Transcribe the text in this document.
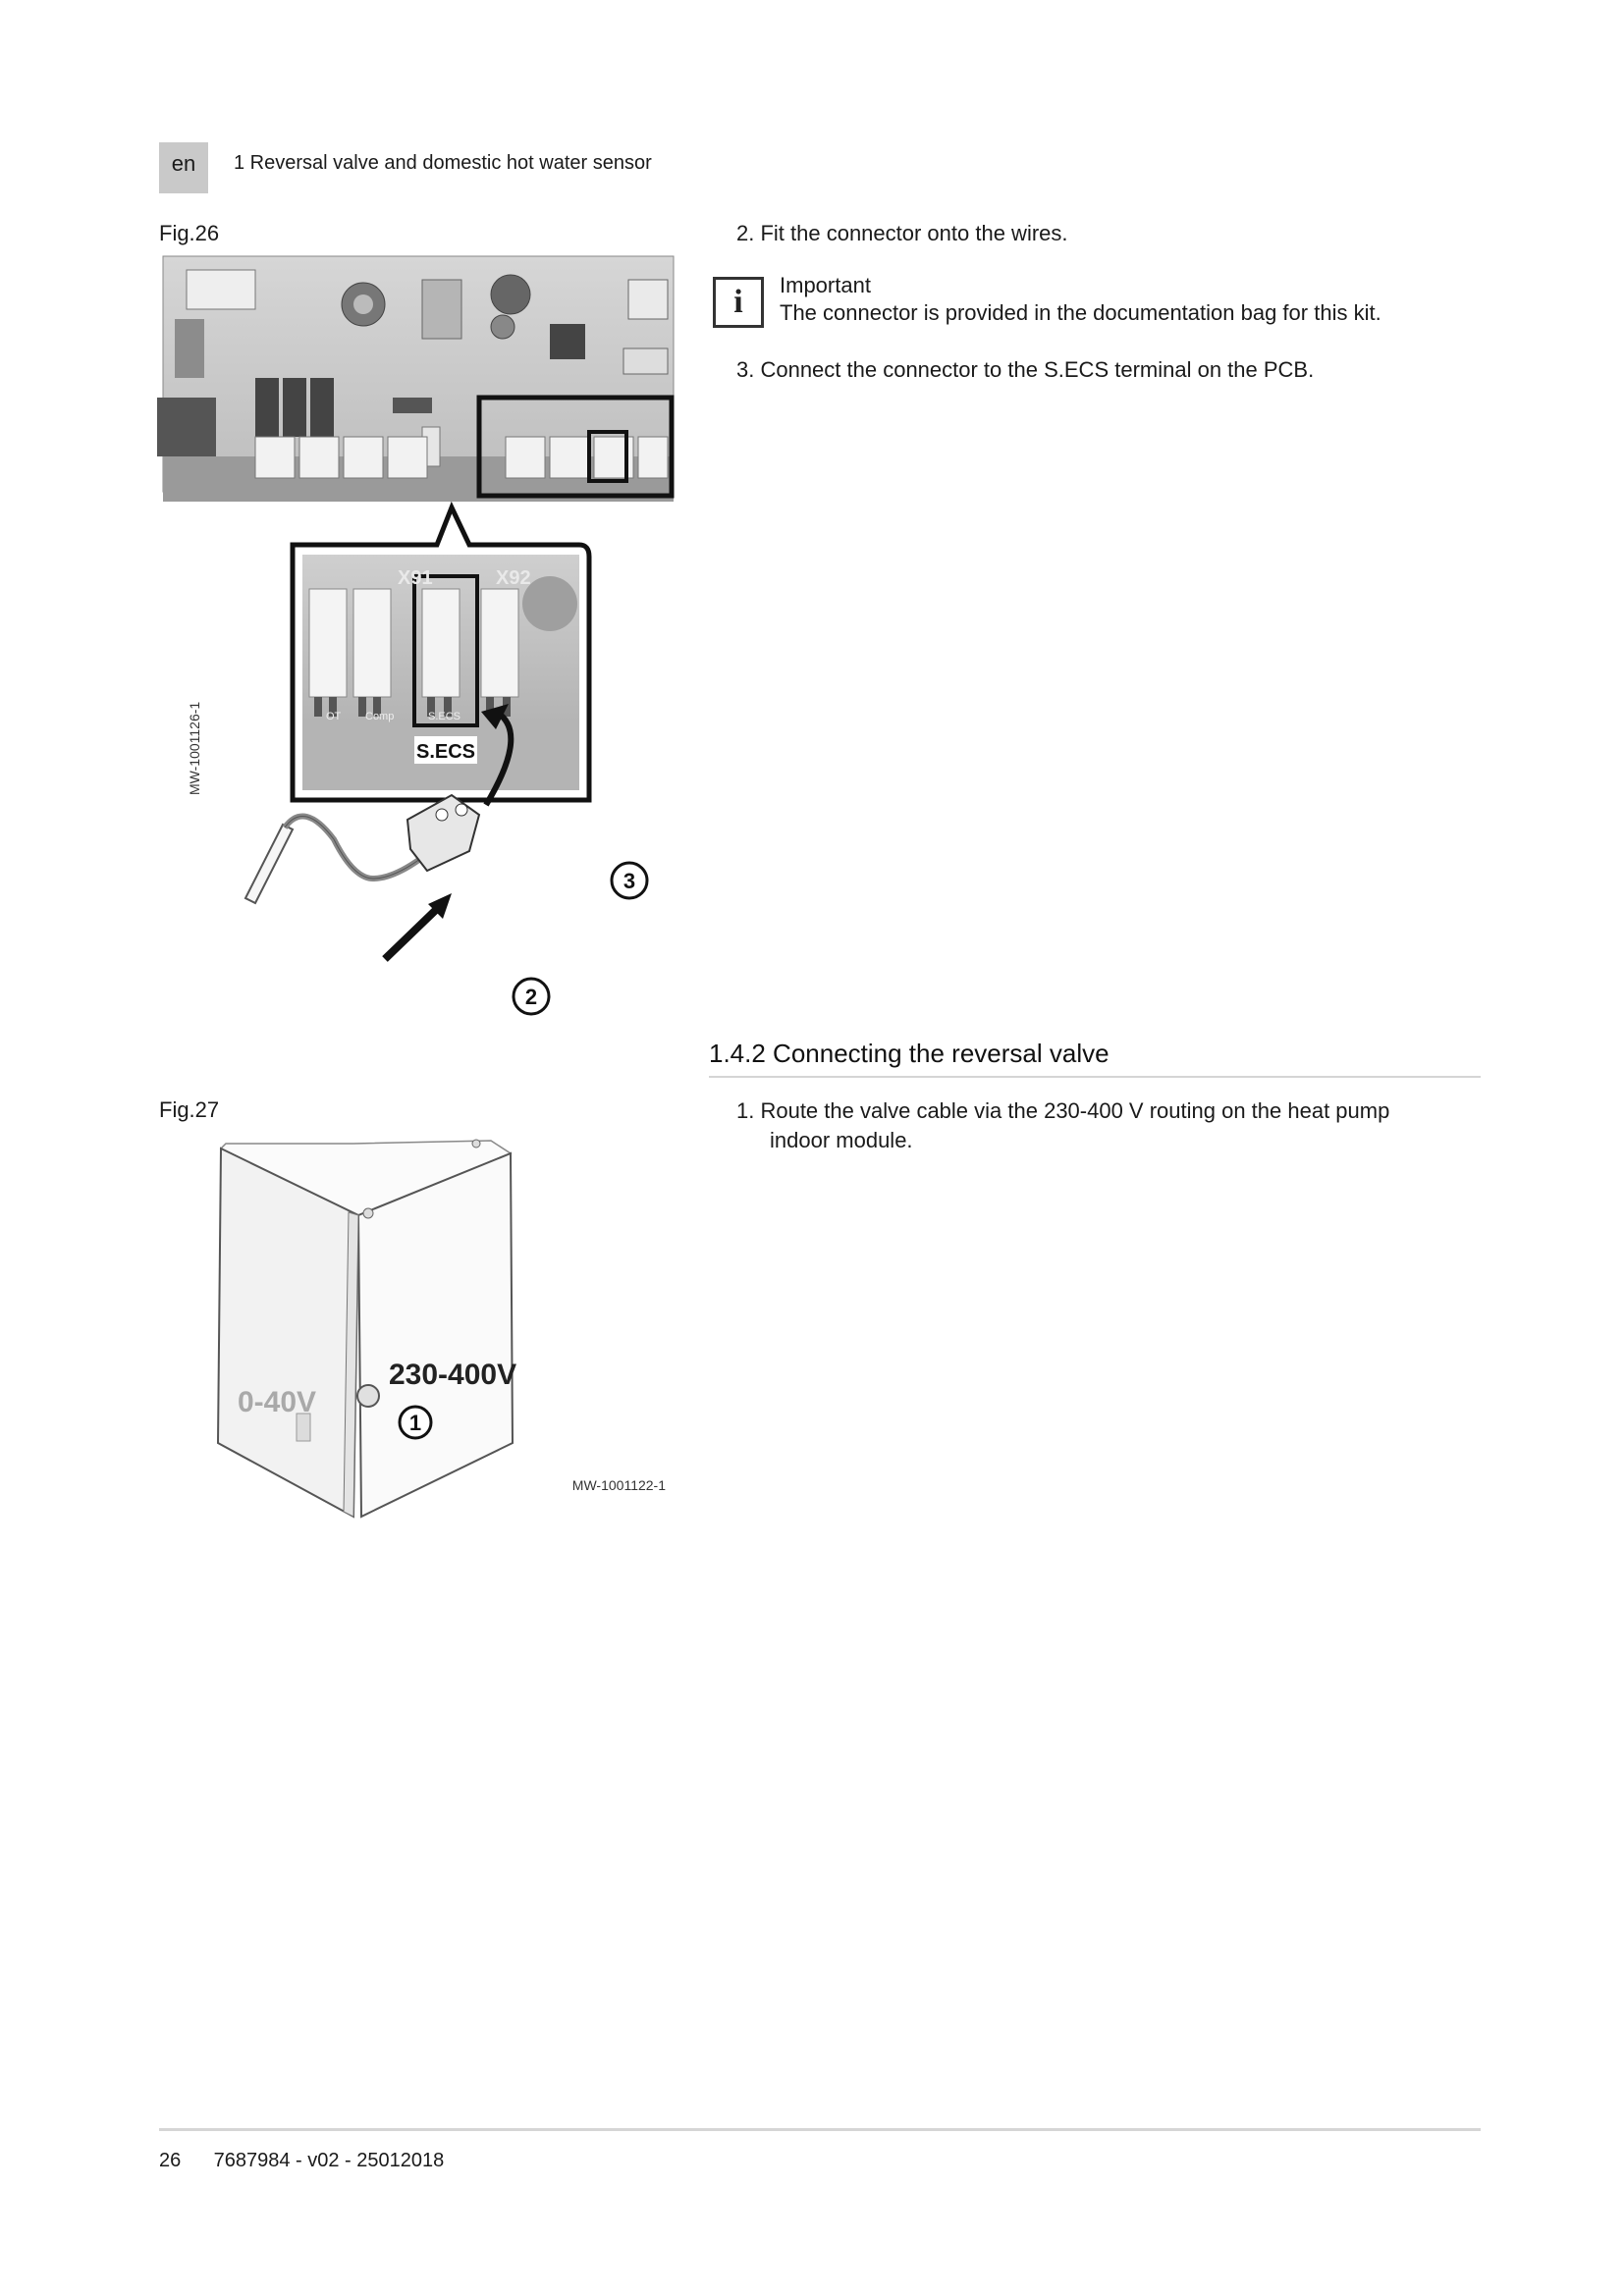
en	1 Reversal valve and domestic hot water sensor
Fig.26
X91	X92
OT Comp	S.ECS
S.ECS
MW-1001126-1
3
2
2. Fit the connector onto the wires.
i	Important
The connector is provided in the documentation bag for this kit.
3. Connect the connector to the S.ECS terminal on the PCB.
1.4.2 Connecting the reversal valve
1. Route the valve cable via the 230-400 V routing on the heat pump
indoor module.
Fig.27
230-400V
0-40V
1
MW-1001122-1
26      7687984 - v02 - 25012018
